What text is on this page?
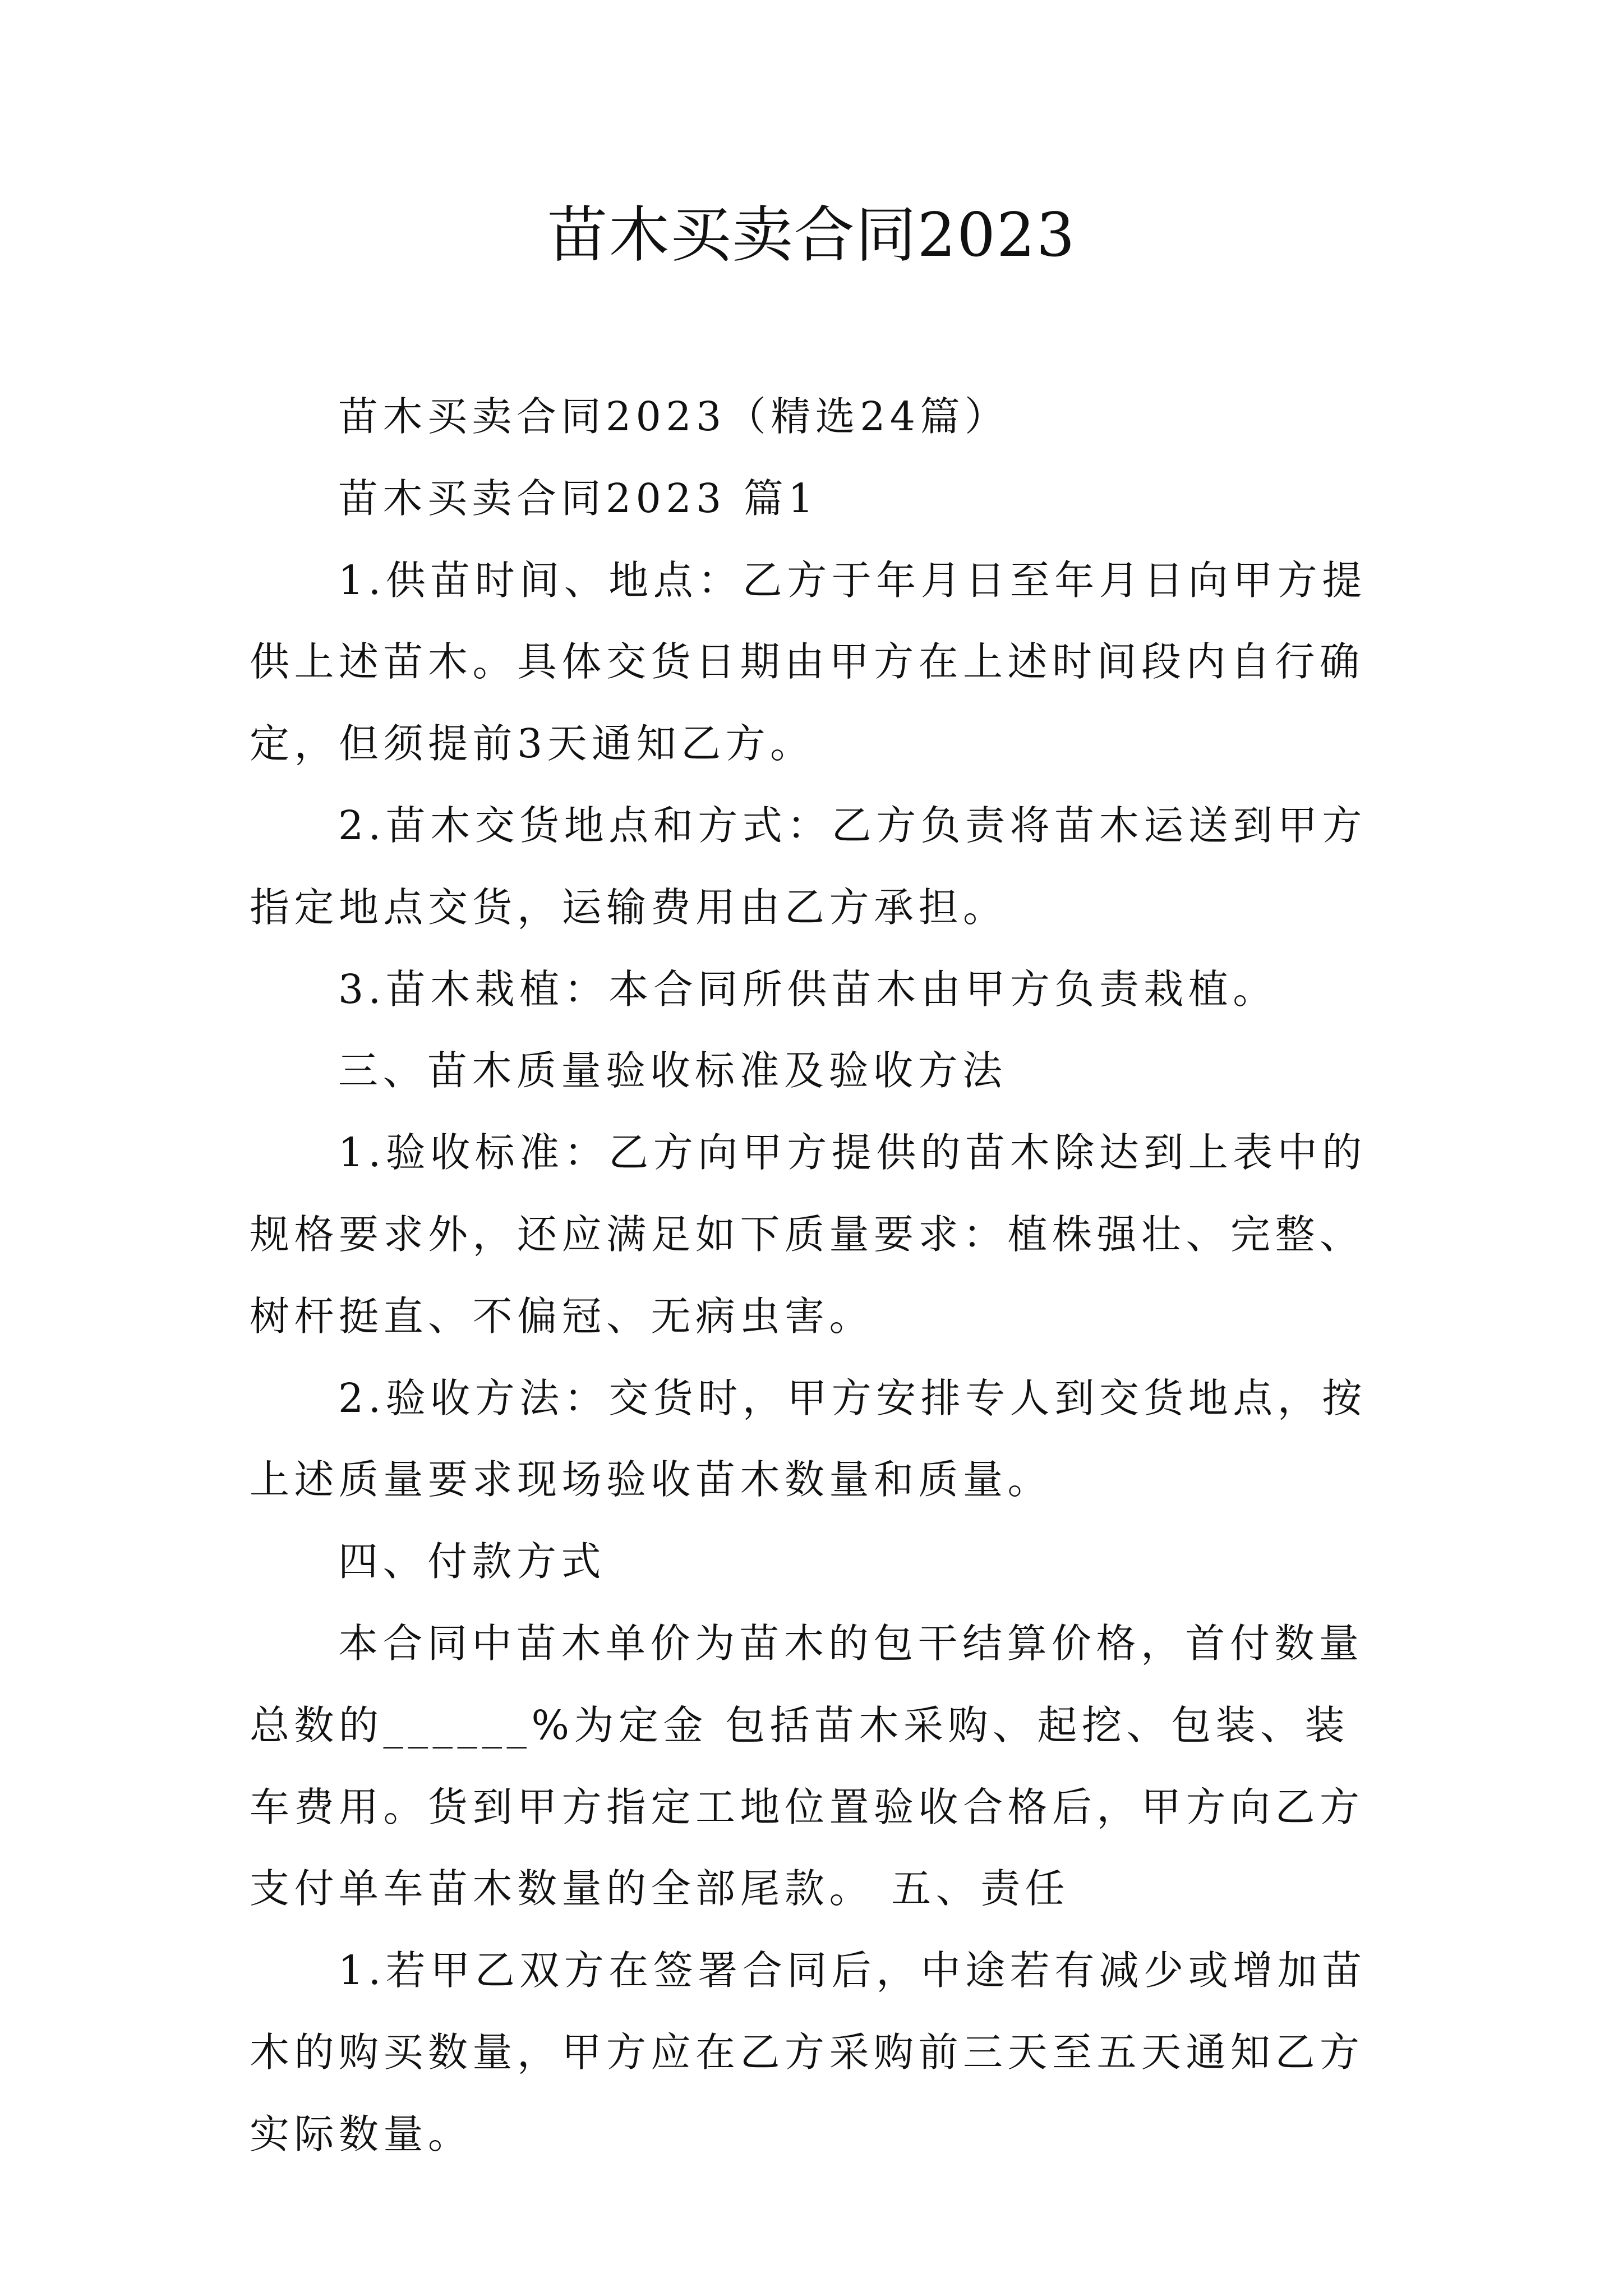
苗木买卖合同2023

苗木买卖合同2023（精选24篇）

苗木买卖合同2023 篇1

1.供苗时间、地点：乙方于年月日至年月日向甲方提供上述苗木。具体交货日期由甲方在上述时间段内自行确定，但须提前3天通知乙方。

2.苗木交货地点和方式：乙方负责将苗木运送到甲方指定地点交货，运输费用由乙方承担。

3.苗木栽植：本合同所供苗木由甲方负责栽植。

三、苗木质量验收标准及验收方法

1.验收标准：乙方向甲方提供的苗木除达到上表中的规格要求外，还应满足如下质量要求：植株强壮、完整、树杆挺直、不偏冠、无病虫害。

2.验收方法：交货时，甲方安排专人到交货地点，按上述质量要求现场验收苗木数量和质量。

四、付款方式

本合同中苗木单价为苗木的包干结算价格，首付数量总数的______%为定金 包括苗木采购、起挖、包装、装车费用。货到甲方指定工地位置验收合格后，甲方向乙方支付单车苗木数量的全部尾款。 五、责任

1.若甲乙双方在签署合同后，中途若有减少或增加苗木的购买数量，甲方应在乙方采购前三天至五天通知乙方实际数量。
